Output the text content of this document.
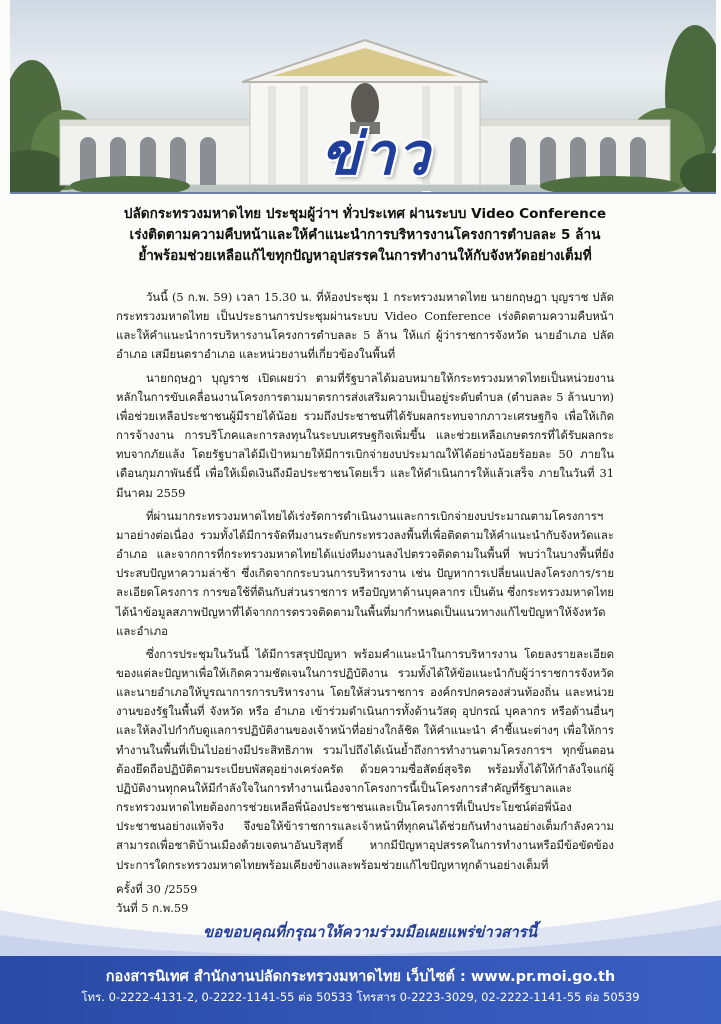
ข่าว
ปลัดกระทรวงมหาดไทย ประชุมผู้ว่าฯ ทั่วประเทศ ผ่านระบบ Video Conference
เร่งติดตามความคืบหน้าและให้คำแนะนำการบริหารงานโครงการตำบลละ 5 ล้าน
ย้ำพร้อมช่วยเหลือแก้ไขทุกปัญหาอุปสรรคในการทำงานให้กับจังหวัดอย่างเต็มที่

วันนี้ (5 ก.พ. 59) เวลา 15.30 น. ที่ห้องประชุม 1 กระทรวงมหาดไทย นายกฤษฎา บุญราช ปลัดกระทรวงมหาดไทย เป็นประธานการประชุมผ่านระบบ Video Conference เร่งติดตามความคืบหน้าและให้คำแนะนำการบริหารงานโครงการตำบลละ 5 ล้าน ให้แก่ ผู้ว่าราชการจังหวัด นายอำเภอ ปลัดอำเภอ เสมียนตราอำเภอ และหน่วยงานที่เกี่ยวข้องในพื้นที่

นายกฤษฎา บุญราช เปิดเผยว่า ตามที่รัฐบาลได้มอบหมายให้กระทรวงมหาดไทยเป็นหน่วยงานหลักในการขับเคลื่อนงานโครงการตามมาตรการส่งเสริมความเป็นอยู่ระดับตำบล (ตำบลละ 5 ล้านบาท) เพื่อช่วยเหลือประชาชนผู้มีรายได้น้อย รวมถึงประชาชนที่ได้รับผลกระทบจากภาวะเศรษฐกิจ เพื่อให้เกิดการจ้างงาน การบริโภคและการลงทุนในระบบเศรษฐกิจเพิ่มขึ้น และช่วยเหลือเกษตรกรที่ได้รับผลกระทบจากภัยแล้ง โดยรัฐบาลได้มีเป้าหมายให้มีการเบิกจ่ายงบประมาณให้ได้อย่างน้อยร้อยละ 50 ภายในเดือนกุมภาพันธ์นี้ เพื่อให้เม็ดเงินถึงมือประชาชนโดยเร็ว และให้ดำเนินการให้แล้วเสร็จ ภายในวันที่ 31 มีนาคม 2559

ที่ผ่านมากระทรวงมหาดไทยได้เร่งรัดการดำเนินงานและการเบิกจ่ายงบประมาณตามโครงการฯ มาอย่างต่อเนื่อง รวมทั้งได้มีการจัดทีมงานระดับกระทรวงลงพื้นที่เพื่อติดตามให้คำแนะนำกับจังหวัดและอำเภอ และจากการที่กระทรวงมหาดไทยได้แบ่งทีมงานลงไปตรวจติดตามในพื้นที่ พบว่าในบางพื้นที่ยังประสบปัญหาความล่าช้า ซึ่งเกิดจากกระบวนการบริหารงาน เช่น ปัญหาการเปลี่ยนแปลงโครงการ/รายละเอียดโครงการ การขอใช้ที่ดินกับส่วนราชการ หรือปัญหาด้านบุคลากร เป็นต้น ซึ่งกระทรวงมหาดไทยได้นำข้อมูลสภาพปัญหาที่ได้จากการตรวจติดตามในพื้นที่มากำหนดเป็นแนวทางแก้ไขปัญหาให้จังหวัดและอำเภอ

ซึ่งการประชุมในวันนี้ ได้มีการสรุปปัญหา พร้อมคำแนะนำในการบริหารงาน โดยลงรายละเอียดของแต่ละปัญหาเพื่อให้เกิดความชัดเจนในการปฏิบัติงาน รวมทั้งได้ให้ข้อแนะนำกับผู้ว่าราชการจังหวัด และนายอำเภอให้บูรณาการการบริหารงาน โดยให้ส่วนราชการ องค์กรปกครองส่วนท้องถิ่น และหน่วยงานของรัฐในพื้นที่ จังหวัด หรือ อำเภอ เข้าร่วมดำเนินการทั้งด้านวัสดุ อุปกรณ์ บุคลากร หรือด้านอื่นๆ และให้ลงไปกำกับดูแลการปฏิบัติงานของเจ้าหน้าที่อย่างใกล้ชิด ให้คำแนะนำ คำชี้แนะต่างๆ เพื่อให้การทำงานในพื้นที่เป็นไปอย่างมีประสิทธิภาพ รวมไปถึงได้เน้นย้ำถึงการทำงานตามโครงการฯ ทุกขั้นตอนต้องยึดถือปฏิบัติตามระเบียบพัสดุอย่างเคร่งครัด ด้วยความซื่อสัตย์สุจริต พร้อมทั้งได้ให้กำลังใจแก่ผู้ปฏิบัติงานทุกคนให้มีกำลังใจในการทำงานเนื่องจากโครงการนี้เป็นโครงการสำคัญที่รัฐบาลและกระทรวงมหาดไทยต้องการช่วยเหลือพี่น้องประชาชนและเป็นโครงการที่เป็นประโยชน์ต่อพี่น้องประชาชนอย่างแท้จริง จึงขอให้ข้าราชการและเจ้าหน้าที่ทุกคนได้ช่วยกันทำงานอย่างเต็มกำลังความสามารถเพื่อชาติบ้านเมืองด้วยเจตนาอันบริสุทธิ์ หากมีปัญหาอุปสรรคในการทำงานหรือมีข้อขัดข้องประการใดกระทรวงมหาดไทยพร้อมเคียงข้างและพร้อมช่วยแก้ไขปัญหาทุกด้านอย่างเต็มที่

ครั้งที่ 30 /2559
วันที่ 5 ก.พ.59
ขอขอบคุณที่กรุณาให้ความร่วมมือเผยแพร่ข่าวสารนี้
กองสารนิเทศ สำนักงานปลัดกระทรวงมหาดไทย เว็บไซต์ : www.pr.moi.go.th
โทร. 0-2222-4131-2, 0-2222-1141-55 ต่อ 50533 โทรสาร 0-2223-3029, 02-2222-1141-55 ต่อ 50539
